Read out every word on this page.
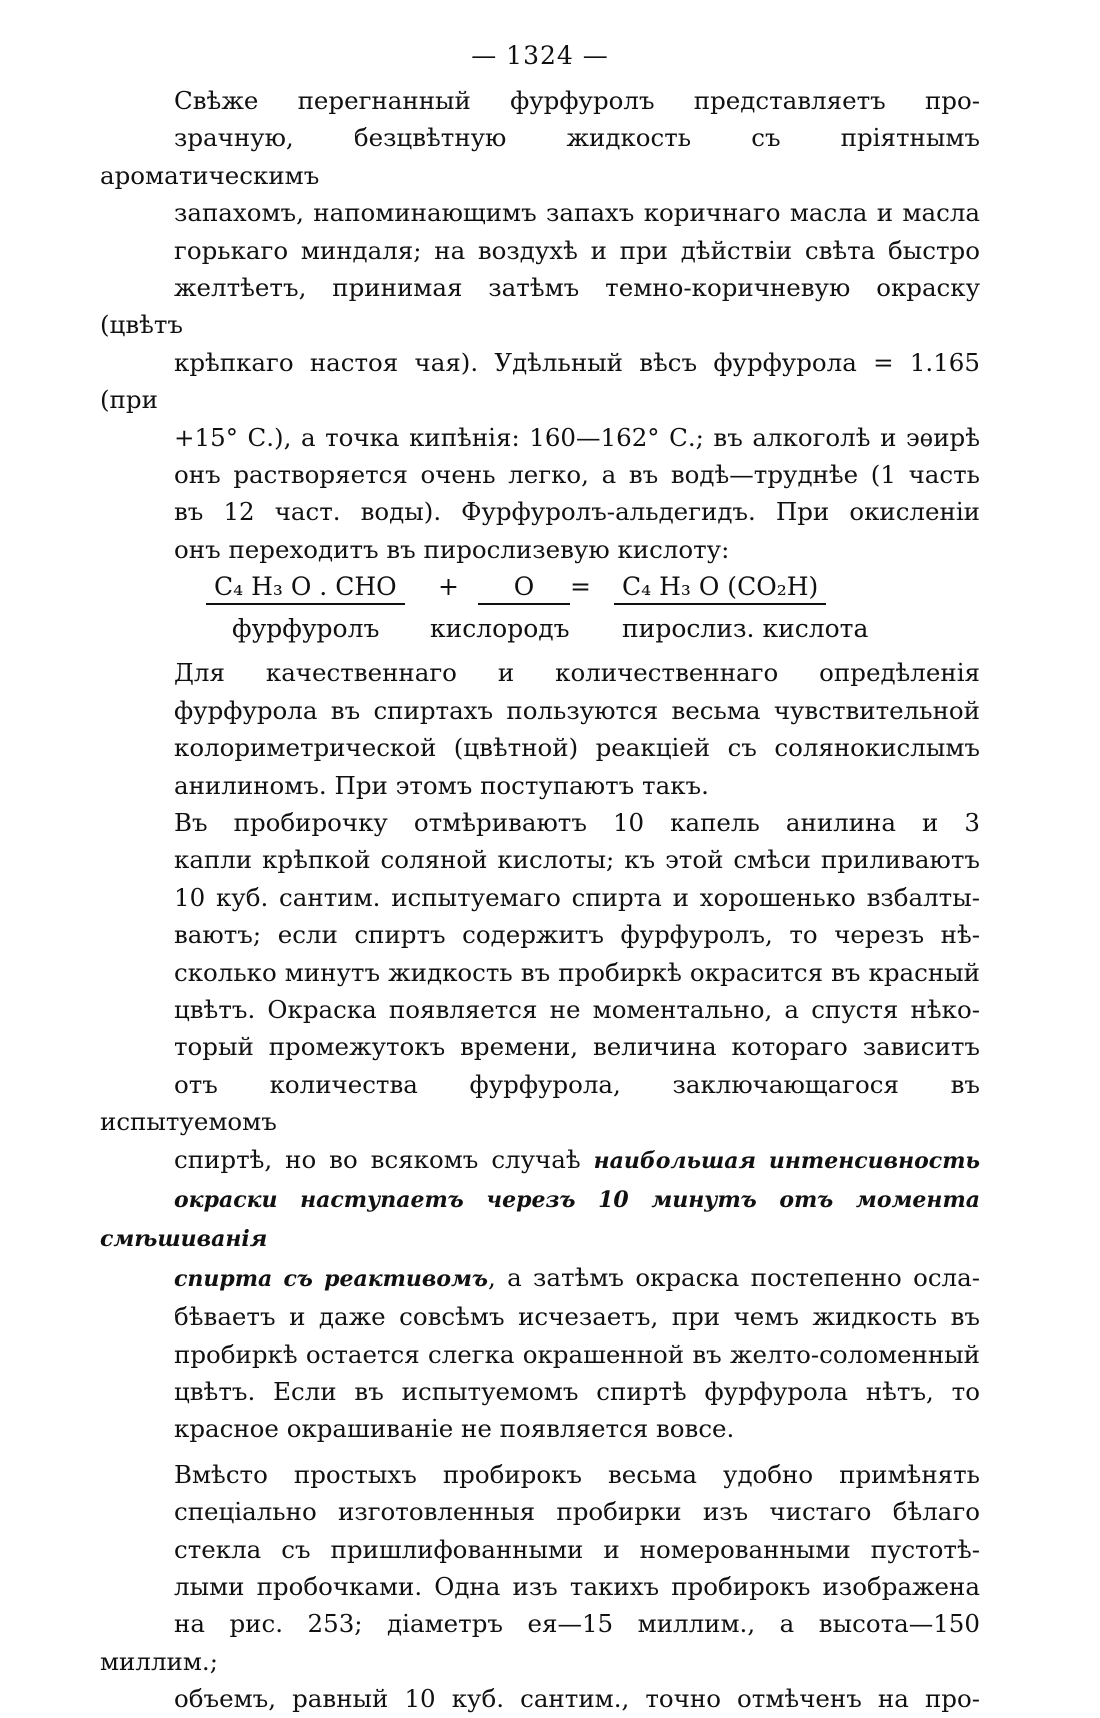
— 1324 —

Свѣже перегнанный фурфуролъ представляетъ про-
зрачную, безцвѣтную жидкость съ пріятнымъ ароматическимъ
запахомъ, напоминающимъ запахъ коричнаго масла и масла
горькаго миндаля; на воздухѣ и при дѣйствіи свѣта быстро
желтѣетъ, принимая затѣмъ темно-коричневую окраску (цвѣтъ
крѣпкаго настоя чая). Удѣльный вѣсъ фурфурола = 1.165 (при
+15° С.), а точка кипѣнія: 160—162° С.; въ алкоголѣ и эѳирѣ
онъ растворяется очень легко, а въ водѣ—труднѣе (1 часть
въ 12 част. воды). Фурфуролъ-альдегидъ. При окисленіи
онъ переходитъ въ пирослизевую кислоту:

C₄ H₃ O . CHO	+	O	=	C₄ H₃ O (CO₂H)
фурфуролъ кислородъ пирослиз. кислота

Для качественнаго и количественнаго опредѣленія
фурфурола въ спиртахъ пользуются весьма чувствительной
колориметрической (цвѣтной) реакціей съ солянокислымъ
анилиномъ. При этомъ поступаютъ такъ.

Въ пробирочку отмѣриваютъ 10 капель анилина и 3
капли крѣпкой соляной кислоты; къ этой смѣси приливаютъ
10 куб. сантим. испытуемаго спирта и хорошенько взбалты-
ваютъ; если спиртъ содержитъ фурфуролъ, то черезъ нѣ-
сколько минутъ жидкость въ пробиркѣ окрасится въ красный
цвѣтъ. Окраска появляется не моментально, а спустя нѣко-
торый промежутокъ времени, величина котораго зависитъ
отъ количества фурфурола, заключающагося въ испытуемомъ
спиртѣ, но во всякомъ случаѣ наибольшая интенсивность
окраски наступаетъ черезъ 10 минутъ отъ момента смѣшиванія
спирта съ реактивомъ, а затѣмъ окраска постепенно осла-
бѣваетъ и даже совсѣмъ исчезаетъ, при чемъ жидкость въ
пробиркѣ остается слегка окрашенной въ желто-соломенный
цвѣтъ. Если въ испытуемомъ спиртѣ фурфурола нѣтъ, то
красное окрашиваніе не появляется вовсе.

Вмѣсто простыхъ пробирокъ весьма удобно примѣнять
спеціально изготовленныя пробирки изъ чистаго бѣлаго
стекла съ пришлифованными и номерованными пустотѣ-
лыми пробочками. Одна изъ такихъ пробирокъ изображена
на рис. 253; діаметръ ея—15 миллим., а высота—150 миллим.;
объемъ, равный 10 куб. сантим., точно отмѣченъ на про-
